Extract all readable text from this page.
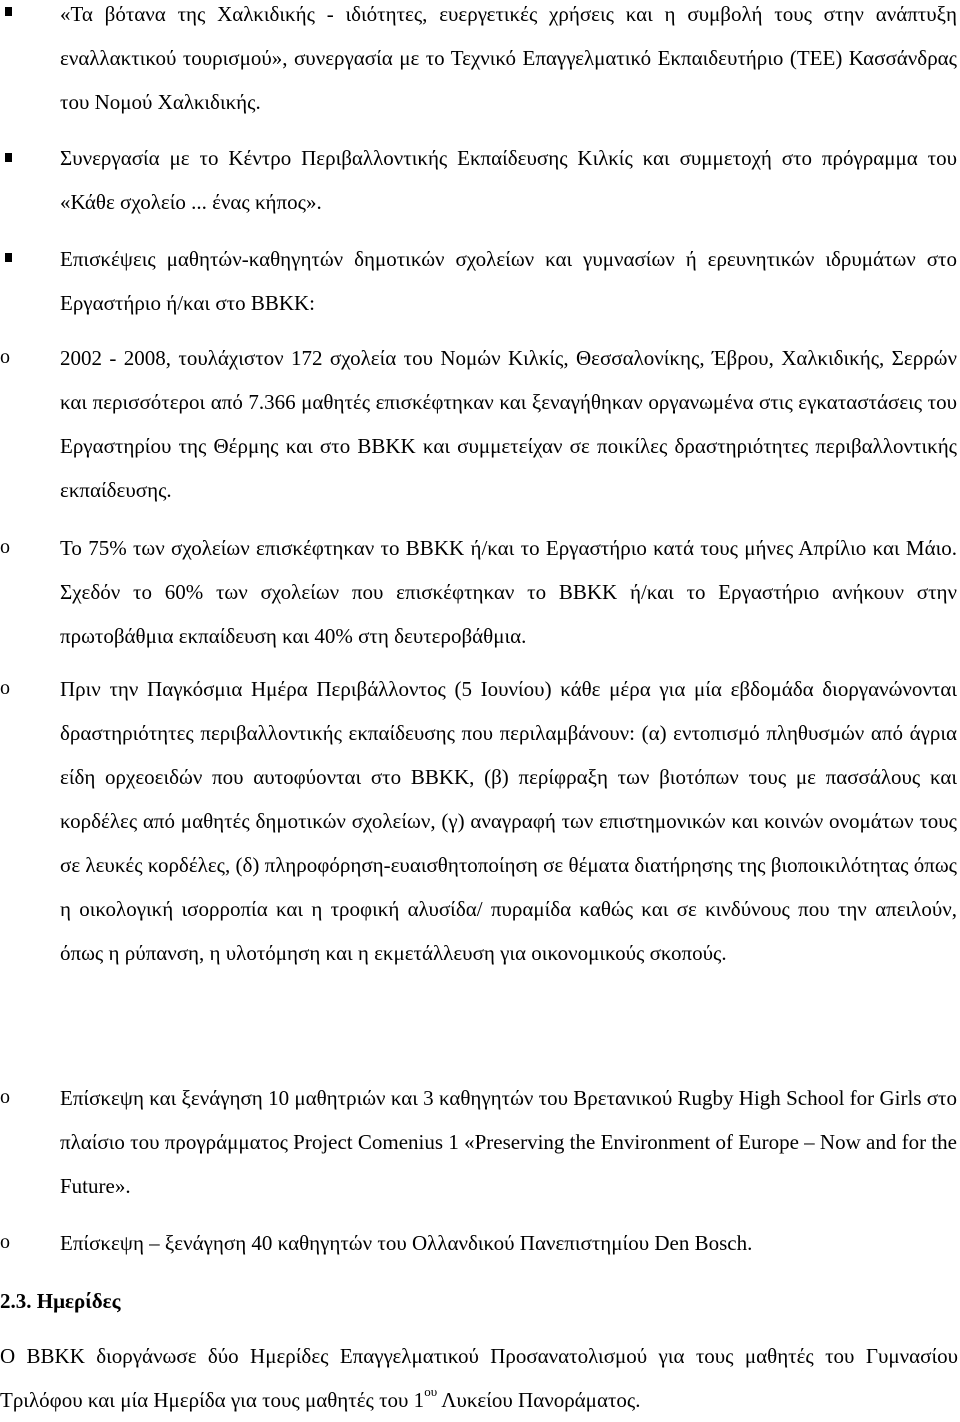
«Τα βότανα της Χαλκιδικής - ιδιότητες, ευεργετικές χρήσεις και η συμβολή τους στην ανάπτυξη εναλλακτικού τουρισμού», συνεργασία με το Τεχνικό Επαγγελματικό Εκπαιδευτήριο (ΤΕΕ) Κασσάνδρας του Νομού Χαλκιδικής.

Συνεργασία με το Κέντρο Περιβαλλοντικής Εκπαίδευσης Κιλκίς και συμμετοχή στο πρόγραμμα του «Κάθε σχολείο ... ένας κήπος».

Επισκέψεις μαθητών-καθηγητών δημοτικών σχολείων και γυμνασίων ή ερευνητικών ιδρυμάτων στο Εργαστήριο ή/και στο ΒΒΚΚ:

o	2002 - 2008, τουλάχιστον 172 σχολεία του Νομών Κιλκίς, Θεσσαλονίκης, Έβρου, Χαλκιδικής, Σερρών και περισσότεροι από 7.366 μαθητές επισκέφτηκαν και ξεναγήθηκαν οργανωμένα στις εγκαταστάσεις του Εργαστηρίου της Θέρμης και στο ΒΒΚΚ και συμμετείχαν σε ποικίλες δραστηριότητες περιβαλλοντικής εκπαίδευσης.

o	Το 75% των σχολείων επισκέφτηκαν το ΒΒΚΚ ή/και το Εργαστήριο κατά τους μήνες Απρίλιο και Μάιο. Σχεδόν το 60% των σχολείων που επισκέφτηκαν το ΒΒΚΚ ή/και το Εργαστήριο ανήκουν στην πρωτοβάθμια εκπαίδευση και 40% στη δευτεροβάθμια.

o	Πριν την Παγκόσμια Ημέρα Περιβάλλοντος (5 Ιουνίου) κάθε μέρα για μία εβδομάδα διοργανώνονται δραστηριότητες περιβαλλοντικής εκπαίδευσης που περιλαμβάνουν: (α) εντοπισμό πληθυσμών από άγρια είδη ορχεοειδών που αυτοφύονται στο ΒΒΚΚ, (β) περίφραξη των βιοτόπων τους με πασσάλους και κορδέλες από μαθητές δημοτικών σχολείων, (γ) αναγραφή των επιστημονικών και κοινών ονομάτων τους σε λευκές κορδέλες, (δ) πληροφόρηση-ευαισθητοποίηση σε θέματα διατήρησης της βιοποικιλότητας όπως η οικολογική ισορροπία και η τροφική αλυσίδα/ πυραμίδα καθώς και σε κινδύνους που την απειλούν, όπως η ρύπανση, η υλοτόμηση και η εκμετάλλευση για οικονομικούς σκοπούς.

o	Επίσκεψη και ξενάγηση 10 μαθητριών και 3 καθηγητών του Βρετανικού Rugby High School for Girls στο πλαίσιο του προγράμματος Project Comenius 1 «Preserving the Environment of Europe – Now and for the Future».

o	Επίσκεψη – ξενάγηση 40 καθηγητών του Ολλανδικού Πανεπιστημίου Den Bosch.

2.3. Ημερίδες

Ο ΒΒΚΚ διοργάνωσε δύο Ημερίδες Επαγγελματικού Προσανατολισμού για τους μαθητές του Γυμνασίου Τριλόφου και μία Ημερίδα για τους μαθητές του $1^{o\upsilon}$ Λυκείου Πανοράματος.
